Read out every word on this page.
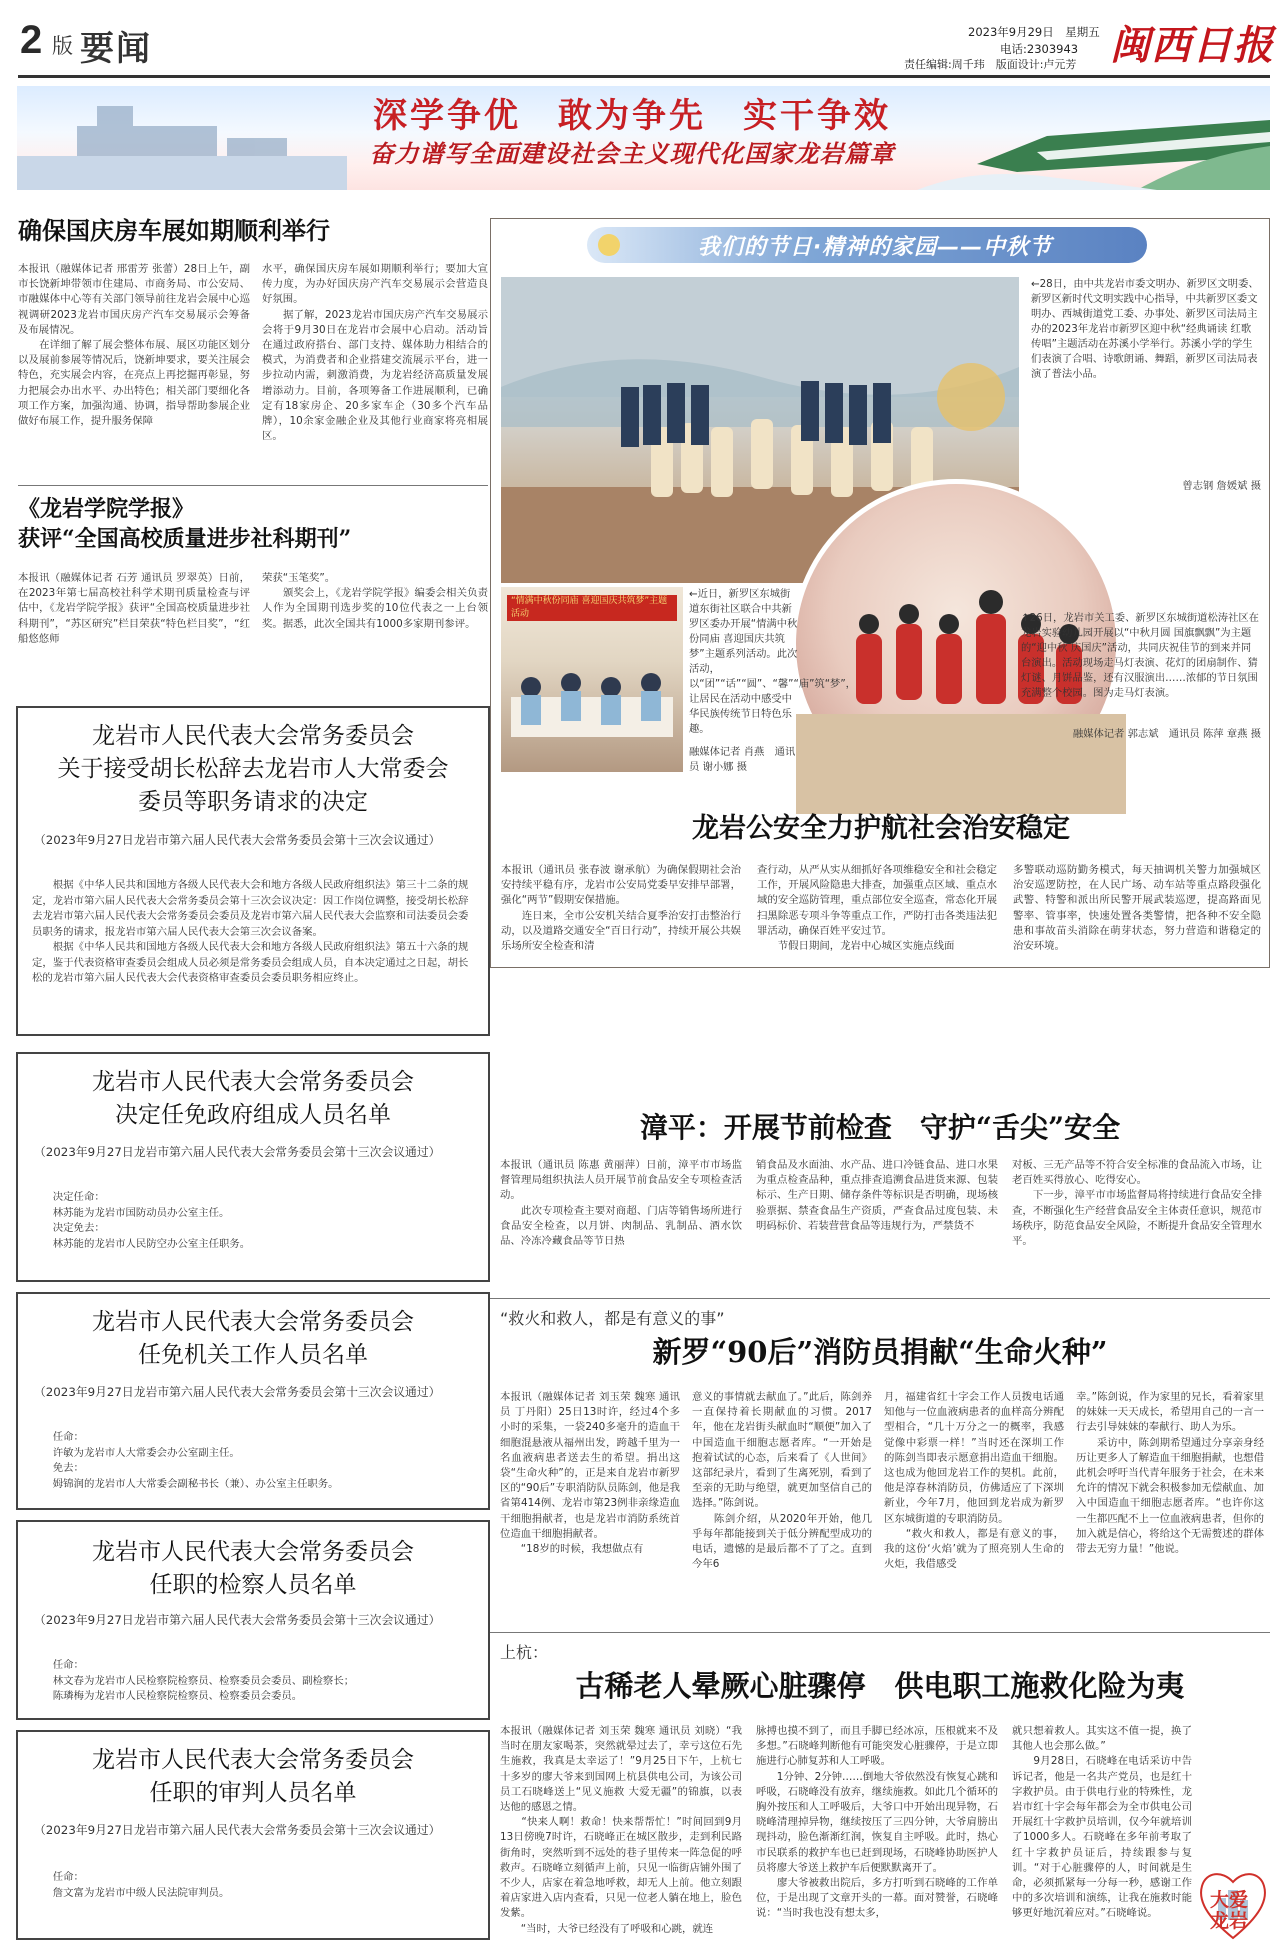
2 版 要闻	2023年9月29日　星期五
电话:2303943
责任编辑:周千玮　版面设计:卢元芳 闽西日报
深学争优　敢为争先　实干争效
奋力谱写全面建设社会主义现代化国家龙岩篇章
确保国庆房车展如期顺利举行
本报讯（融媒体记者 邢雷芳 张蕾）28日上午，副市长饶新坤带领市住建局、市商务局、市公安局、市融媒体中心等有关部门领导前往龙岩会展中心巡视调研2023龙岩市国庆房产汽车交易展示会筹备及布展情况。
　　在详细了解了展会整体布展、展区功能区划分以及展前参展等情况后，饶新坤要求，要关注展会特色，充实展会内容，在亮点上再挖掘再彰显，努力把展会办出水平、办出特色；相关部门要细化各项工作方案，加强沟通、协调，指导帮助参展企业做好布展工作，提升服务保障
水平，确保国庆房车展如期顺利举行；要加大宣传力度，为办好国庆房产汽车交易展示会营造良好氛围。
　　据了解，2023龙岩市国庆房产汽车交易展示会将于9月30日在龙岩市会展中心启动。活动旨在通过政府搭台、部门支持、媒体助力相结合的模式，为消费者和企业搭建交流展示平台，进一步拉动内需，刺激消费，为龙岩经济高质量发展增添动力。目前，各项筹备工作进展顺利，已确定有18家房企、20多家车企（30多个汽车品牌），10余家金融企业及其他行业商家将亮相展区。
《龙岩学院学报》
获评“全国高校质量进步社科期刊”
本报讯（融媒体记者 石芳 通讯员 罗翠英）日前，在2023年第七届高校社科学术期刊质量检查与评估中，《龙岩学院学报》获评“全国高校质量进步社科期刊”，“苏区研究”栏目荣获“特色栏目奖”，“红船悠悠师
荣获“玉笔奖”。
　　颁奖会上，《龙岩学院学报》编委会相关负责人作为全国期刊选步奖的10位代表之一上台领奖。据悉，此次全国共有1000多家期刊参评。
龙岩市人民代表大会常务委员会
关于接受胡长松辞去龙岩市人大常委会
委员等职务请求的决定
（2023年9月27日龙岩市第六届人民代表大会常务委员会第十三次会议通过）
　　根据《中华人民共和国地方各级人民代表大会和地方各级人民政府组织法》第三十二条的规定，龙岩市第六届人民代表大会常务委员会第十三次会议决定：因工作岗位调整，接受胡长松辞去龙岩市第六届人民代表大会常务委员会委员及龙岩市第六届人民代表大会监察和司法委员会委员职务的请求，报龙岩市第六届人民代表大会第三次会议备案。
　　根据《中华人民共和国地方各级人民代表大会和地方各级人民政府组织法》第五十六条的规定，鉴于代表资格审查委员会组成人员必须是常务委员会组成人员，自本决定通过之日起，胡长松的龙岩市第六届人民代表大会代表资格审查委员会委员职务相应终止。
龙岩市人民代表大会常务委员会
决定任免政府组成人员名单
（2023年9月27日龙岩市第六届人民代表大会常务委员会第十三次会议通过）
　　决定任命：
　　林苏能为龙岩市国防动员办公室主任。
　　决定免去：
　　林苏能的龙岩市人民防空办公室主任职务。
龙岩市人民代表大会常务委员会
任免机关工作人员名单
（2023年9月27日龙岩市第六届人民代表大会常务委员会第十三次会议通过）
　　任命：
　　许敏为龙岩市人大常委会办公室副主任。
　　免去：
　　姆锦润的龙岩市人大常委会副秘书长（兼）、办公室主任职务。
龙岩市人民代表大会常务委员会
任职的检察人员名单
（2023年9月27日龙岩市第六届人民代表大会常务委员会第十三次会议通过）
　　任命：
　　林文春为龙岩市人民检察院检察员、检察委员会委员、副检察长；
　　陈璘梅为龙岩市人民检察院检察员、检察委员会委员。
龙岩市人民代表大会常务委员会
任职的审判人员名单
（2023年9月27日龙岩市第六届人民代表大会常务委员会第十三次会议通过）
　　任命：
　　詹文富为龙岩市中级人民法院审判员。
我们的节日·精神的家园——中秋节
←28日，由中共龙岩市委文明办、新罗区文明委、新罗区新时代文明实践中心指导，中共新罗区委文明办、西城街道党工委、办事处、新罗区司法局主办的2023年龙岩市新罗区迎中秋“经典诵读 红歌传唱”主题活动在苏溪小学举行。苏溪小学的学生们表演了合唱、诗歌朗诵、舞蹈，新罗区司法局表演了普法小品。
曾志钢 詹媛斌 摄
“情满中秋份同庙 喜迎国庆共筑梦”主题活动
←近日，新罗区东城街道东街社区联合中共新罗区委办开展“情满中秋份同庙 喜迎国庆共筑梦”主题系列活动。此次活动，以“团”“话”“圆”、“馨”“庙”筑“梦”，让居民在活动中感受中华民族传统节日特色乐趣。
融媒体记者 肖燕　通讯员 谢小娜 摄
↑26日，龙岩市关工委、新罗区东城街道松涛社区在龙岩实验幼儿园开展以“中秋月圆 国旗飘飘”为主题的“迎中秋 庆国庆”活动，共同庆祝佳节的到来并同台演出。活动现场走马灯表演、花灯的团扇制作、猜灯谜、月饼品鉴，还有汉服演出……浓郁的节日氛围充满整个校园。图为走马灯表演。
融媒体记者 郭志斌　通讯员 陈萍 章燕 摄
龙岩公安全力护航社会治安稳定
本报讯（通讯员 张春波 谢承航）为确保假期社会治安持续平稳有序，龙岩市公安局党委早安排早部署，强化“两节”假期安保措施。
　　连日来，全市公安机关结合夏季治安打击整治行动，以及道路交通安全“百日行动”，持续开展公共娱乐场所安全检查和清
查行动，从严从实从细抓好各项维稳安全和社会稳定工作，开展风险隐患大排查，加强重点区域、重点水域的安全巡防管理，重点部位安全巡查，常态化开展扫黑除恶专项斗争等重点工作，严防打击各类违法犯罪活动，确保百姓平安过节。
　　节假日期间，龙岩中心城区实施点线面
多警联动巡防勤务模式，每天抽调机关警力加强城区治安巡逻防控，在人民广场、动车站等重点路段强化武警、特警和派出所民警开展武装巡逻，提高路面见警率、管事率，快速处置各类警情，把各种不安全隐患和事故苗头消除在萌芽状态，努力营造和谐稳定的治安环境。
漳平：开展节前检查　守护“舌尖”安全
本报讯（通讯员 陈惠 黄丽萍）日前，漳平市市场监督管理局组织执法人员开展节前食品安全专项检查活动。
　　此次专项检查主要对商超、门店等销售场所进行食品安全检查，以月饼、肉制品、乳制品、酒水饮品、冷冻冷藏食品等节日热
销食品及水面油、水产品、进口冷链食品、进口水果为重点检查品种，重点排查追溯食品进货来源、包装标示、生产日期、储存条件等标识是否明确，现场核验票据、禁查食品生产资质，严查食品过度包装、未明码标价、若装营营食品等违规行为，严禁货不
对板、三无产品等不符合安全标准的食品流入市场，让老百姓买得放心、吃得安心。
　　下一步，漳平市市场监督局将持续进行食品安全排查，不断强化生产经营食品安全主体责任意识，规范市场秩序，防范食品安全风险，不断提升食品安全管理水平。
“救火和救人，都是有意义的事”
新罗“90后”消防员捐献“生命火种”
本报讯（融媒体记者 刘玉荣 魏寒 通讯员 丁丹阳）25日13时许，经过4个多小时的采集，一袋240多毫升的造血干细胞混悬液从福州出发，跨越千里为一名血液病患者送去生的希望。捐出这袋“生命火种”的，正是来自龙岩市新罗区的“90后”专职消防队员陈剑，他是我省第414例、龙岩市第23例非亲缘造血干细胞捐献者，也是龙岩市消防系统首位造血干细胞捐献者。
　　“18岁的时候，我想做点有
意义的事情就去献血了。”此后，陈剑养一直保持着长期献血的习惯。2017年，他在龙岩街头献血时“顺便”加入了中国造血干细胞志愿者库。“一开始是抱着试试的心态，后来看了《人世间》这部纪录片，看到了生离死别，看到了至亲的无助与绝望，就更加坚信自己的选择。”陈剑说。
　　陈剑介绍，从2020年开始，他几乎每年都能接到关于低分辨配型成功的电话，遗憾的是最后都不了了之。直到今年6
月，福建省红十字会工作人员拨电话通知他与一位血液病患者的血样高分辨配型相合，“几十万分之一的概率，我感觉像中彩票一样！”当时还在深圳工作的陈剑当即表示愿意捐出造血干细胞。这也成为他回龙岩工作的契机。此前，他是淳春林消防员，仿佛适应了下深圳新业，今年7月，他回到龙岩成为新罗区东城街道的专职消防员。
　　“救火和救人，都是有意义的事，我的这份‘火焰’就为了照亮别人生命的火炬，我借感受
幸。”陈剑说，作为家里的兄长，看着家里的妹妹一天天成长，希望用自己的一言一行去引导妹妹的奉献行、助人为乐。
　　采访中，陈剑期希望通过分享亲身经历让更多人了解造血干细胞捐献，也想借此机会呼吁当代青年服务于社会，在未来允许的情况下就会积极参加无偿献血、加入中国造血干细胞志愿者库。“也许你这一生都匹配不上一位血液病患者，但你的加入就是信心，将给这个无需赘述的群体带去无穷力量！”他说。
上杭：
古稀老人晕厥心脏骤停　供电职工施救化险为夷
本报讯（融媒体记者 刘玉荣 魏寒 通讯员 刘晓）“我当时在朋友家喝茶，突然就晕过去了，幸亏这位石先生施救，我真是太幸运了！”9月25日下午，上杭七十多岁的廖大爷来到国网上杭县供电公司，为该公司员工石晓峰送上“见义施救 大爱无疆”的锦旗，以表达他的感恩之情。
　　“快来人啊！救命！快来帮帮忙！”时间回到9月13日傍晚7时许，石晓峰正在城区散步，走到利民路街角时，突然听到不远处的巷子里传来一阵急促的呼救声。石晓峰立刻循声上前，只见一临街店铺外围了不少人，店家在着急地呼救，却无人上前。他立刻跟着店家进入店内查看，只见一位老人躺在地上，脸色发紫。
　　“当时，大爷已经没有了呼吸和心跳，就连
脉搏也摸不到了，而且手脚已经冰凉，压根就来不及多想。”石晓峰判断他有可能突发心脏骤停，于是立即施进行心肺复苏和人工呼吸。
　　1分钟、2分钟……倒地大爷依然没有恢复心跳和呼吸，石晓峰没有放弃，继续施救。如此几个循环的胸外按压和人工呼吸后，大爷口中开始出现异物，石晓峰清理掉异物，继续按压了三四分钟，大爷肩膀出现抖动，脸色渐渐红润，恢复自主呼吸。此时，热心市民联系的救护车也已赶到现场，石晓峰协助医护人员将廖大爷送上救护车后便默默离开了。
　　廖大爷被救出院后，多方打听到石晓峰的工作单位，于是出现了文章开头的一幕。面对赞誉，石晓峰说：“当时我也没有想太多，
就只想着救人。其实这不值一提，换了其他人也会那么做。”
　　9月28日，石晓峰在电话采访中告诉记者，他是一名共产党员，也是红十字救护员。由于供电行业的特殊性，龙岩市红十字会每年都会为全市供电公司开展红十字救护员培训，仅今年就培训了1000多人。石晓峰在多年前考取了红十字救护员证后，持续跟参与复训。“对于心脏骤停的人，时间就是生命，必须抓紧每一分每一秒，感谢工作中的多次培训和演练，让我在施救时能够更好地沉着应对。”石晓峰说。
大爱龙岩
